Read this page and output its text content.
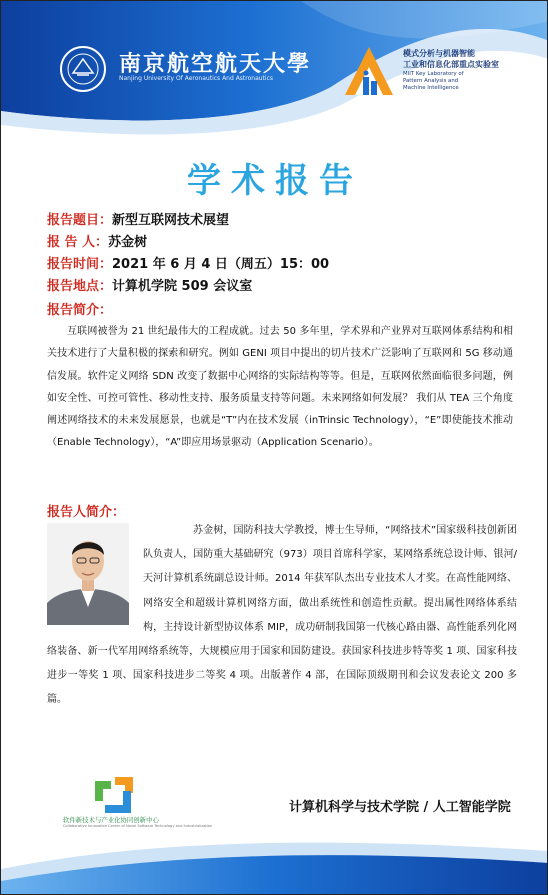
南京航空航天大學
Nanjing University Of Aeronautics And Astronautics
模式分析与机器智能
工业和信息化部重点实验室
MIIT Key Laboratory of
Pattern Analysis and
Machine Intelligence
学术报告
报告题目：新型互联网技术展望
报 告 人：苏金树
报告时间：2021 年 6 月 4 日（周五）15：00
报告地点：计算机学院 509 会议室
报告简介：
互联网被誉为 21 世纪最伟大的工程成就。过去 50 多年里，学术界和产业界对互联网体系结构和相关技术进行了大量积极的探索和研究。例如 GENI 项目中提出的切片技术广泛影响了互联网和 5G 移动通信发展。软件定义网络 SDN 改变了数据中心网络的实际结构等等。但是，互联网依然面临很多问题，例如安全性、可控可管性、移动性支持、服务质量支持等问题。未来网络如何发展？ 我们从 TEA 三个角度阐述网络技术的未来发展愿景，也就是“T”内在技术发展（inTrinsic Technology），“E”即使能技术推动（Enable Technology），“A”即应用场景驱动（Application Scenario）。
报告人简介：
苏金树，国防科技大学教授，博士生导师，“网络技术”国家级科技创新团队负责人，国防重大基础研究（973）项目首席科学家，某网络系统总设计师、银河/天河计算机系统副总设计师。2014 年获军队杰出专业技术人才奖。在高性能网络、网络安全和超级计算机网络方面，做出系统性和创造性贡献。提出属性网络体系结构，主持设计新型协议体系 MIP，成功研制我国第一代核心路由器、高性能系列化网络装备、新一代军用网络系统等，大规模应用于国家和国防建设。获国家科技进步特等奖 1 项、国家科技进步一等奖 1 项、国家科技进步二等奖 4 项。出版著作 4 部，在国际顶级期刊和会议发表论文 200 多篇。
软件新技术与产业化协同创新中心
Collaborative Innovation Center of Novel Software Technology and Industrialization
计算机科学与技术学院 / 人工智能学院
